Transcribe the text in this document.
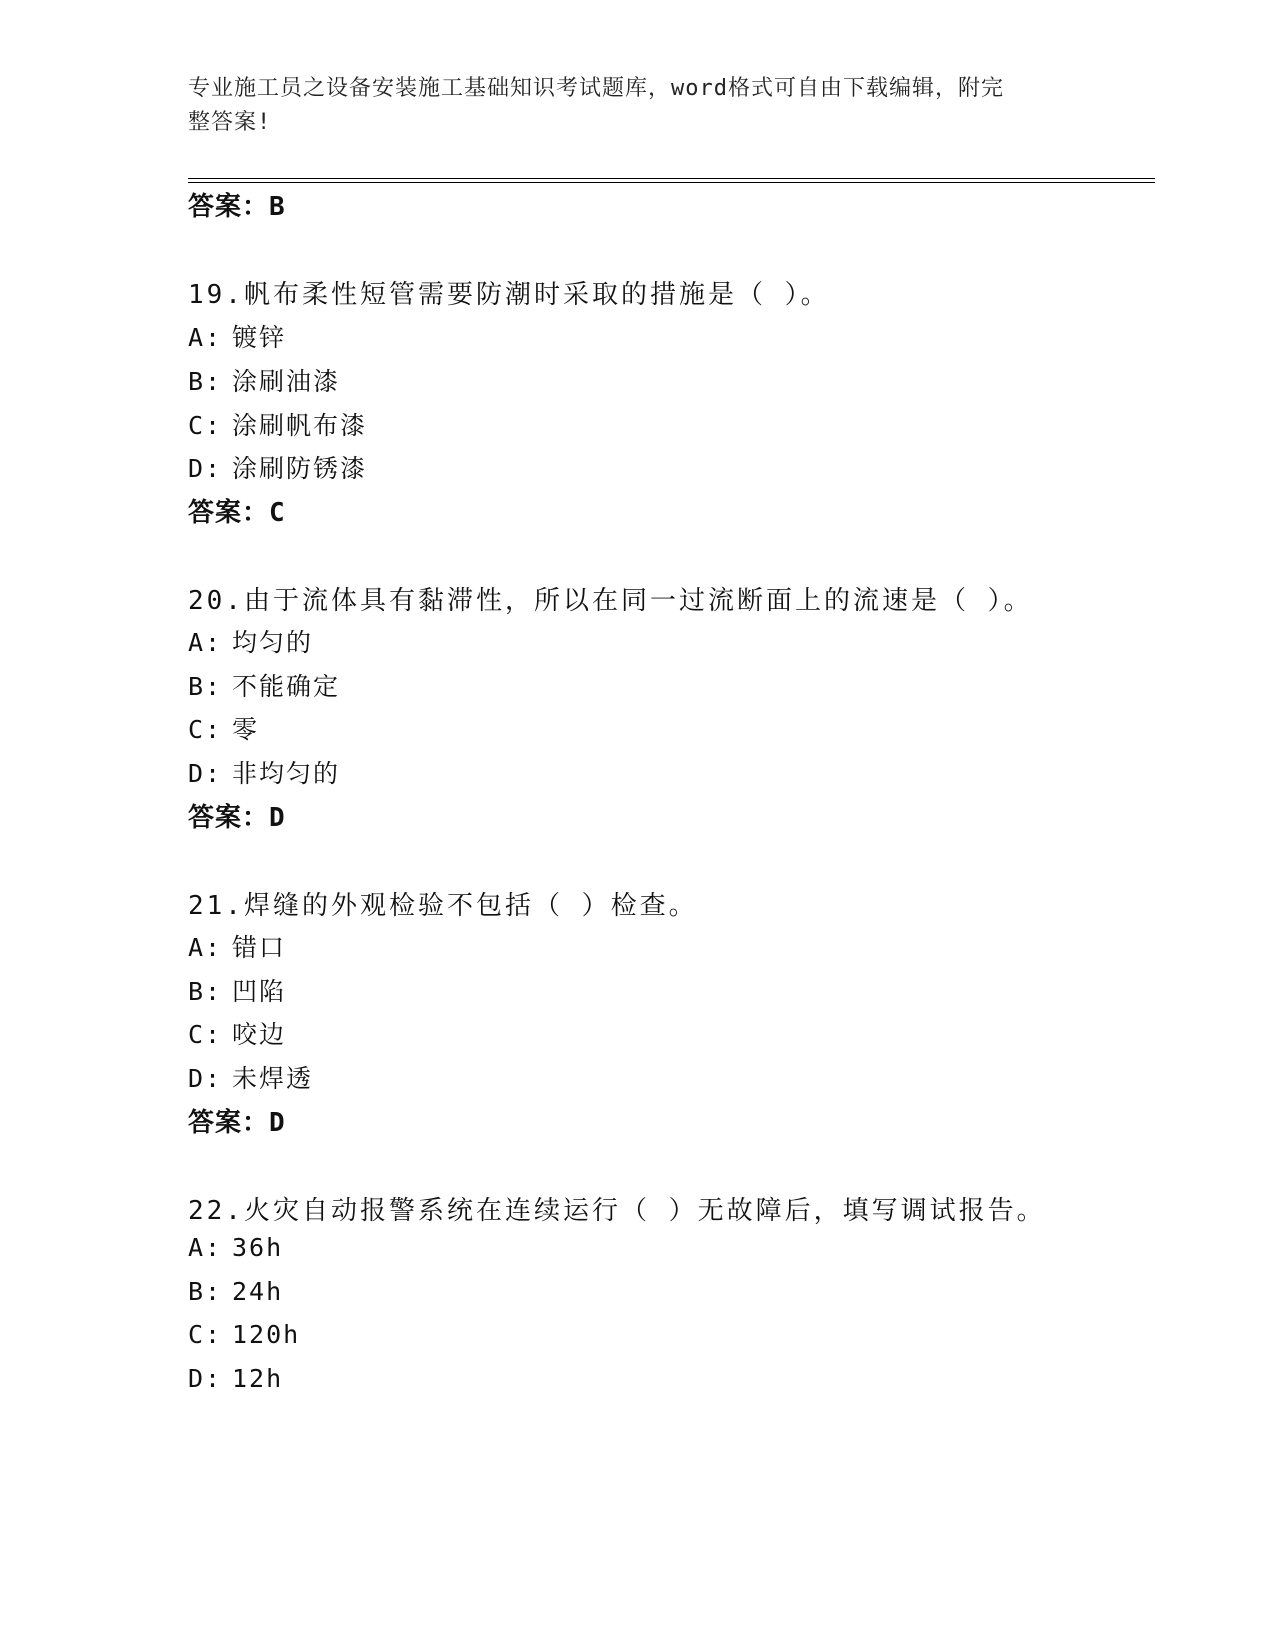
专业施工员之设备安装施工基础知识考试题库，word格式可自由下载编辑，附完
整答案!
答案：B
19.帆布柔性短管需要防潮时采取的措施是（ ）。
A: 镀锌
B: 涂刷油漆
C: 涂刷帆布漆
D: 涂刷防锈漆
答案：C
20.由于流体具有黏滞性，所以在同一过流断面上的流速是（ ）。
A: 均匀的
B: 不能确定
C: 零
D: 非均匀的
答案：D
21.焊缝的外观检验不包括（ ）检查。
A: 错口
B: 凹陷
C: 咬边
D: 未焊透
答案：D
22.火灾自动报警系统在连续运行（ ）无故障后，填写调试报告。
A: 36h
B: 24h
C: 120h
D: 12h
